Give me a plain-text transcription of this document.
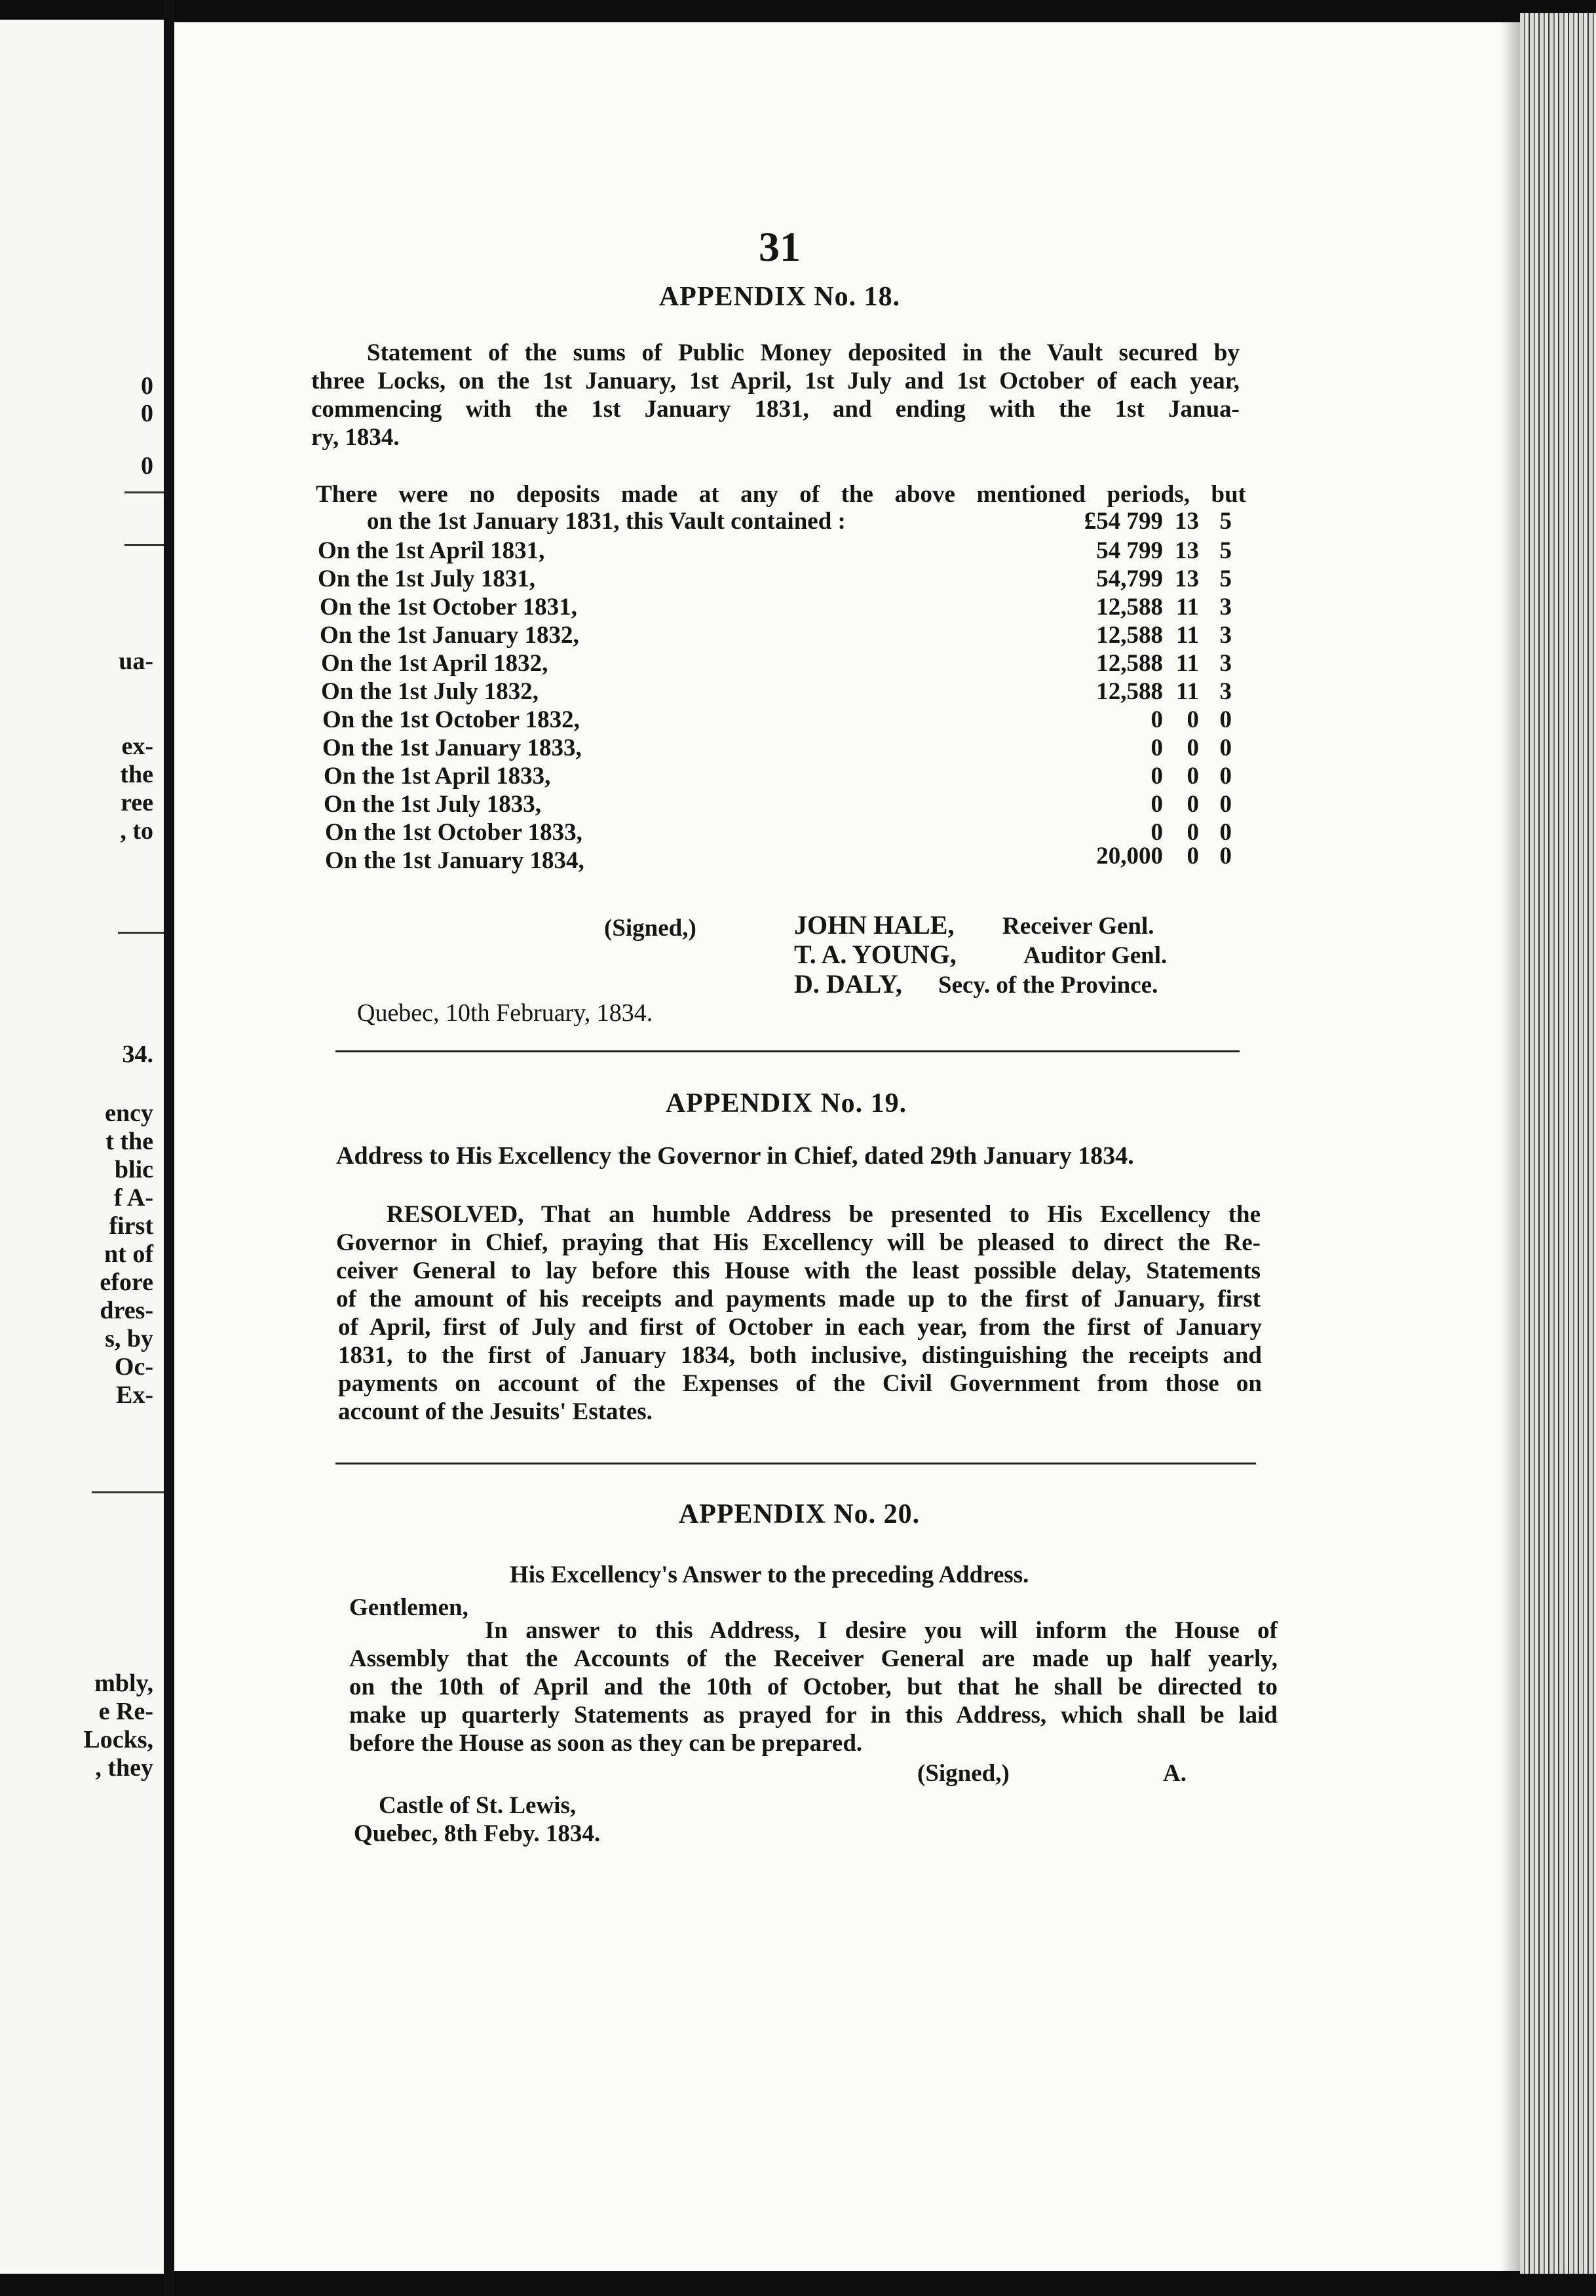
0
0
0
ua-
ex-
the
ree
, to
34.
ency
t the
blic
f A-
first
nt of
efore
dres-
s, by
Oc-
Ex-
mbly,
e Re-
Locks,
, they
31
APPENDIX No. 18.
Statement of the sums of Public Money deposited in the Vault secured by
three Locks, on the 1st January, 1st April, 1st July and 1st October of each year,
commencing with the 1st January 1831, and ending with the 1st Janua-
ry, 1834.
There were no deposits made at any of the above mentioned periods, but
on the 1st January 1831, this Vault contained :	£54 799 13 5
On the 1st April 1831,	54 799 13 5
On the 1st July 1831,	54,799 13 5
On the 1st October 1831,	12,588 11 3
On the 1st January 1832,	12,588 11 3
On the 1st April 1832,	12,588 11 3
On the 1st July 1832,	12,588 11 3
On the 1st October 1832,	0 0 0
On the 1st January 1833,	0 0 0
On the 1st April 1833,	0 0 0
On the 1st July 1833,	0 0 0
On the 1st October 1833,	0 0 0
On the 1st January 1834,	20,000 0 0
(Signed,)	JOHN HALE, Receiver Genl.
T. A. YOUNG,	Auditor Genl.
D. DALY, Secy. of the Province.
Quebec, 10th February, 1834.
APPENDIX No. 19.
Address to His Excellency the Governor in Chief, dated 29th January 1834.
RESOLVED, That an humble Address be presented to His Excellency the
Governor in Chief, praying that His Excellency will be pleased to direct the Re-
ceiver General to lay before this House with the least possible delay, Statements
of the amount of his receipts and payments made up to the first of January, first
of April, first of July and first of October in each year, from the first of January
1831, to the first of January 1834, both inclusive, distinguishing the receipts and
payments on account of the Expenses of the Civil Government from those on
account of the Jesuits' Estates.
APPENDIX No. 20.
His Excellency's Answer to the preceding Address.
Gentlemen,
In answer to this Address, I desire you will inform the House of
Assembly that the Accounts of the Receiver General are made up half yearly,
on the 10th of April and the 10th of October, but that he shall be directed to
make up quarterly Statements as prayed for in this Address, which shall be laid
before the House as soon as they can be prepared.
(Signed,)	A.
Castle of St. Lewis,
Quebec, 8th Feby. 1834.
